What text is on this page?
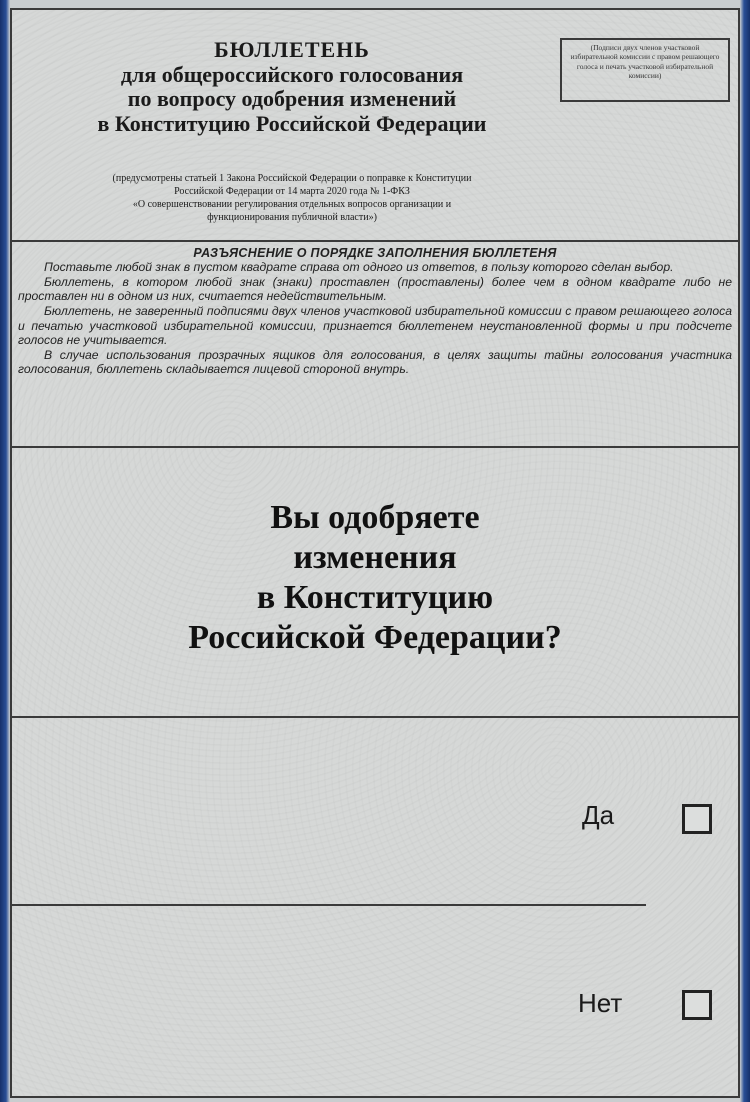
БЮЛЛЕТЕНЬ
для общероссийского голосования
по вопросу одобрения изменений
в Конституцию Российской Федерации
(предусмотрены статьей 1 Закона Российской Федерации о поправке к Конституции
Российской Федерации от 14 марта 2020 года № 1-ФКЗ
«О совершенствовании регулирования отдельных вопросов организации и
функционирования публичной власти»)
(Подписи двух членов участковой избирательной комиссии с правом решающего голоса и печать участковой избирательной комиссии)
РАЗЪЯСНЕНИЕ О ПОРЯДКЕ ЗАПОЛНЕНИЯ БЮЛЛЕТЕНЯ

Поставьте любой знак в пустом квадрате справа от одного из ответов, в пользу которого сделан выбор.

Бюллетень, в котором любой знак (знаки) проставлен (проставлены) более чем в одном квадрате либо не проставлен ни в одном из них, считается недействительным.

Бюллетень, не заверенный подписями двух членов участковой избирательной комиссии с правом решающего голоса и печатью участковой избирательной комиссии, признается бюллетенем неустановленной формы и при подсчете голосов не учитывается.

В случае использования прозрачных ящиков для голосования, в целях защиты тайны голосования участника голосования, бюллетень складывается лицевой стороной внутрь.

Вы одобряете
изменения
в Конституцию
Российской Федерации?
Да
Нет
